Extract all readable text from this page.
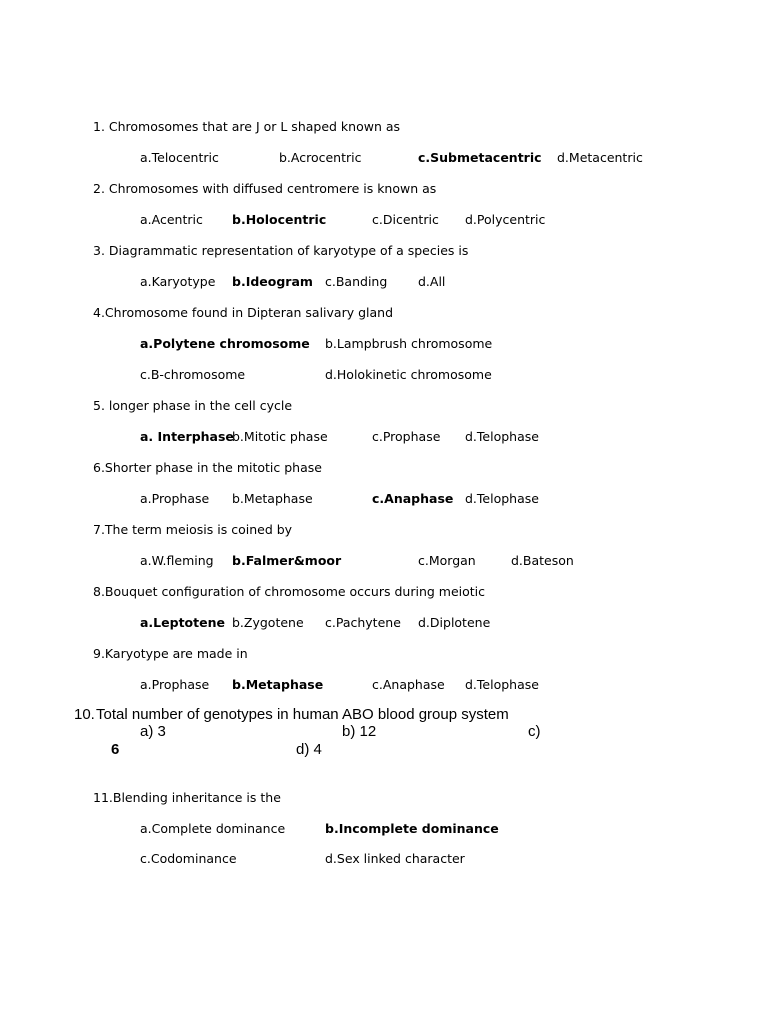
1. Chromosomes that are J or L shaped known as
a.Telocentric	b.Acrocentric	c.Submetacentric d.Metacentric
2. Chromosomes with diffused centromere is known as
a.Acentric b.Holocentric	c.Dicentric d.Polycentric
3. Diagrammatic representation of karyotype of a species is
a.Karyotype b.Ideogram c.Banding d.All
4.Chromosome found in Dipteran salivary gland
a.Polytene chromosome b.Lampbrush chromosome
c.B-chromosome	d.Holokinetic chromosome
5. longer phase in the cell cycle
a. Interphase
b.Mitotic phase	c.Prophase d.Telophase
6.Shorter phase in the mitotic phase
a.Prophase b.Metaphase	c.Anaphase d.Telophase
7.The term meiosis is coined by
a.W.fleming b.Falmer&moor	c.Morgan	d.Bateson
8.Bouquet configuration of chromosome occurs during meiotic
a.Leptotene b.Zygotene c.Pachytene d.Diplotene
9.Karyotype are made in
a.Prophase b.Metaphase	c.Anaphase d.Telophase
10. Total number of genotypes in human ABO blood group system
a) 3	b) 12	c)
6	d) 4
11.Blending inheritance is the
a.Complete dominance	b.Incomplete dominance
c.Codominance	d.Sex linked character
